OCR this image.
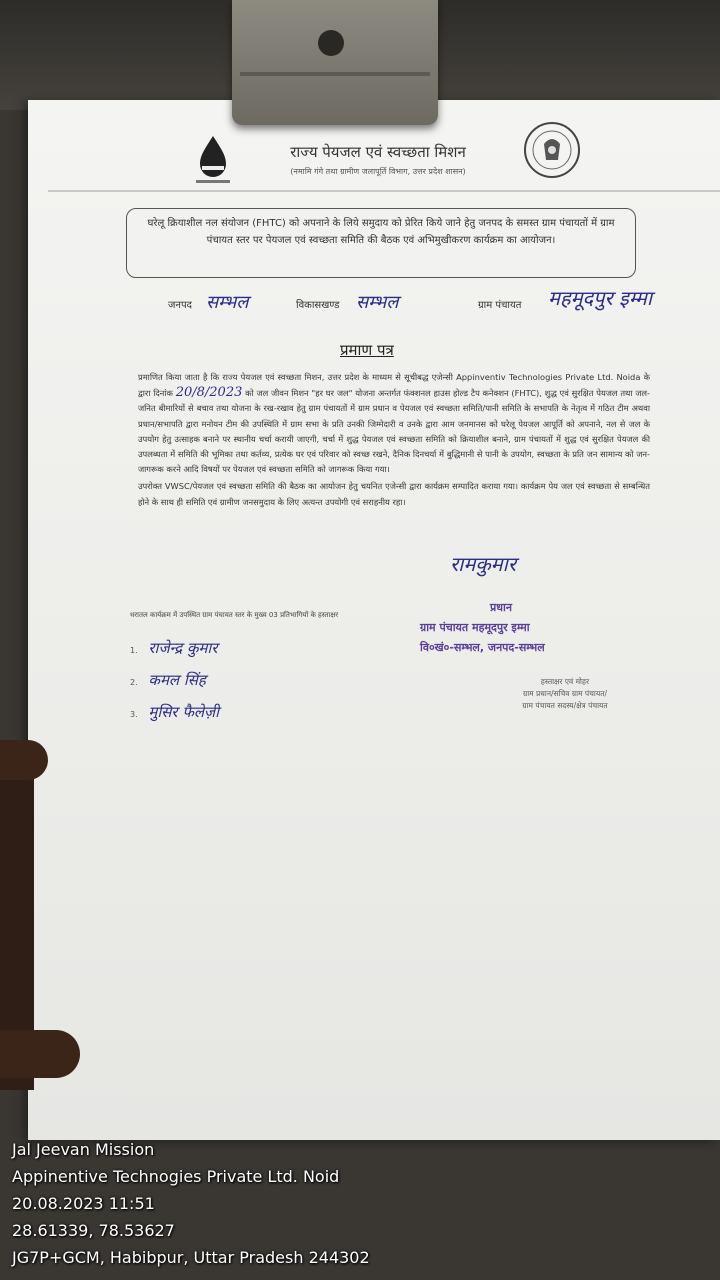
राज्य पेयजल एवं स्वच्छता मिशन
(नमामि गंगे तथा ग्रामीण जलापूर्ति विभाग, उत्तर प्रदेश शासन)
घरेलू क्रियाशील नल संयोजन (FHTC) को अपनाने के लिये समुदाय को प्रेरित किये जाने हेतु जनपद के समस्त ग्राम पंचायतों में ग्राम पंचायत स्तर पर पेयजल एवं स्वच्छता समिति की बैठक एवं अभिमुखीकरण कार्यक्रम का आयोजन।
जनपद सम्भल	विकासखण्ड सम्भल	ग्राम पंचायत महमूदपुर इम्मा
प्रमाण पत्र

प्रमाणित किया जाता है कि राज्य पेयजल एवं स्वच्छता मिशन, उत्तर प्रदेश के माध्यम से सूचीबद्ध एजेन्सी Appinventiv Technologies Private Ltd. Noida के द्वारा दिनांक 20/8/2023 को जल जीवन मिशन "हर घर जल" योजना अन्तर्गत फंक्शनल हाउस होल्ड टैप कनेक्शन (FHTC), शुद्ध एवं सुरक्षित पेयजल तथा जल-जनित बीमारियों से बचाव तथा योजना के रख-रखाव हेतु ग्राम पंचायतों में ग्राम प्रधान व पेयजल एवं स्वच्छता समिति/पानी समिति के सभापति के नेतृत्व में गठित टीम अथवा प्रधान/सभापति द्वारा मनोयन टीम की उपस्थिति में ग्राम सभा के प्रति उनकी जिम्मेदारी व उनके द्वारा आम जनमानस को घरेलू पेयजल आपूर्ति को अपनाने, नल से जल के उपयोग हेतु उत्साहक बनाने पर स्थानीय चर्चा करायी जाएगी, चर्चा में शुद्ध पेयजल एवं स्वच्छता समिति को क्रियाशील बनाने, ग्राम पंचायतों में शुद्ध एवं सुरक्षित पेयजल की उपलब्धता में समिति की भूमिका तथा कर्तव्य, प्रत्येक घर एवं परिवार को स्वच्छ रखने, दैनिक दिनचर्या में बुद्धिमानी से पानी के उपयोग, स्वच्छता के प्रति जन सामान्य को जन-जागरूक करने आदि विषयों पर पेयजल एवं स्वच्छता समिति को जागरूक किया गया।

उपरोक्त VWSC/पेयजल एवं स्वच्छता समिति की बैठक का आयोजन हेतु चयनित एजेन्सी द्वारा कार्यक्रम सम्पादित कराया गया। कार्यक्रम पेय जल एवं स्वच्छता से सम्बन्धित होने के साथ ही समिति एवं ग्रामीण जनसमुदाय के लिए अत्यन्त उपयोगी एवं सराहनीय रहा।

रामकुमार
प्रधान
ग्राम पंचायत महमूदपुर इम्मा
वि०खं०-सम्भल, जनपद-सम्भल
धरातल कार्यक्रम में उपस्थित ग्राम पंचायत स्तर के मुख्य 03 प्रतिभागियों के हस्ताक्षर
1. राजेन्द्र कुमार
2. कमल सिंह
3. मुसिर फैलेज़ी
हस्ताक्षर एवं मोहर
ग्राम प्रधान/सचिव ग्राम पंचायत/
ग्राम पंचायत सदस्य/क्षेत्र पंचायत
Jal Jeevan Mission
Appinentive Technogies Private Ltd. Noid
20.08.2023 11:51
28.61339, 78.53627
JG7P+GCM, Habibpur, Uttar Pradesh 244302
